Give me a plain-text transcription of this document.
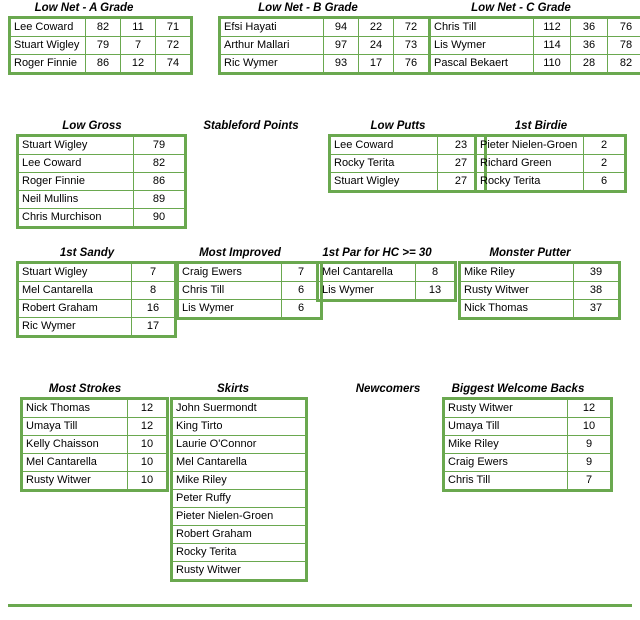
Low Net - A Grade
Lee Coward	82	11	71
Stuart Wigley	79	7	72
Roger Finnie	86	12	74
Low Net - B Grade
Efsi Hayati	94	22	72
Arthur Mallari	97	24	73
Ric Wymer	93	17	76
Low Net - C Grade
Chris Till	112	36	76
Lis Wymer	114	36	78
Pascal Bekaert	110	28	82
Low Gross
Stuart Wigley	79
Lee Coward	82
Roger Finnie	86
Neil Mullins	89
Chris Murchison	90
Low Putts
Lee Coward	23
Rocky Terita	27
Stuart Wigley	27
1st Birdie
Pieter Nielen-Groen	2
Richard Green	2
Rocky Terita	6
1st Sandy
Stuart Wigley	7
Mel Cantarella	8
Robert Graham	16
Ric Wymer	17
Most Improved
Craig Ewers	7
Chris Till	6
Lis Wymer	6
1st Par for HC >= 30
Mel Cantarella	8
Lis Wymer	13
Monster Putter
Mike Riley	39
Rusty Witwer	38
Nick Thomas	37
Most Strokes
Nick Thomas	12
Umaya Till	12
Kelly Chaisson	10
Mel Cantarella	10
Rusty Witwer	10
Skirts
John Suermondt
King Tirto
Laurie O'Connor
Mel Cantarella
Mike Riley
Peter Ruffy
Pieter Nielen-Groen
Robert Graham
Rocky Terita
Rusty Witwer
Biggest Welcome Backs
Rusty Witwer	12
Umaya Till	10
Mike Riley	9
Craig Ewers	9
Chris Till	7
Stableford Points
Newcomers
